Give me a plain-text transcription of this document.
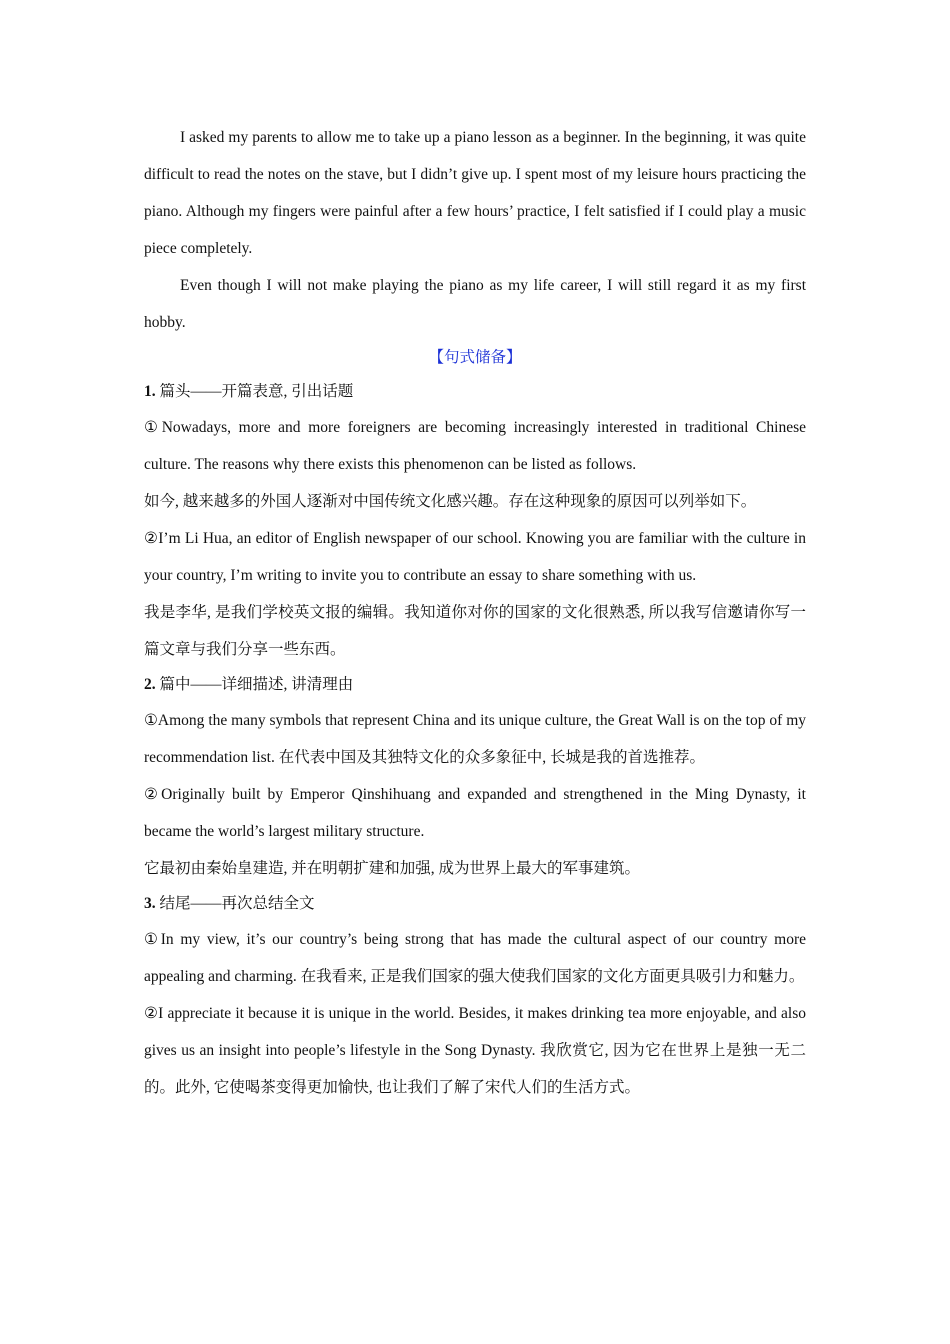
I asked my parents to allow me to take up a piano lesson as a beginner. In the beginning, it was quite difficult to read the notes on the stave, but I didn’t give up. I spent most of my leisure hours practicing the piano. Although my fingers were painful after a few hours’ practice, I felt satisfied if I could play a music piece completely.

Even though I will not make playing the piano as my life career, I will still regard it as my first hobby.

【句式储备】

1. 篇头——开篇表意, 引出话题

①Nowadays, more and more foreigners are becoming increasingly interested in traditional Chinese culture. The reasons why there exists this phenomenon can be listed as follows.

如今, 越来越多的外国人逐渐对中国传统文化感兴趣。存在这种现象的原因可以列举如下。

②I’m Li Hua, an editor of English newspaper of our school. Knowing you are familiar with the culture in your country, I’m writing to invite you to contribute an essay to share something with us.

我是李华, 是我们学校英文报的编辑。我知道你对你的国家的文化很熟悉, 所以我写信邀请你写一篇文章与我们分享一些东西。

2. 篇中——详细描述, 讲清理由

①Among the many symbols that represent China and its unique culture, the Great Wall is on the top of my recommendation list. 在代表中国及其独特文化的众多象征中, 长城是我的首选推荐。

②Originally built by Emperor Qinshihuang and expanded and strengthened in the Ming Dynasty, it became the world’s largest military structure.

它最初由秦始皇建造, 并在明朝扩建和加强, 成为世界上最大的军事建筑。

3. 结尾——再次总结全文

①In my view, it’s our country’s being strong that has made the cultural aspect of our country more appealing and charming. 在我看来, 正是我们国家的强大使我们国家的文化方面更具吸引力和魅力。

②I appreciate it because it is unique in the world. Besides, it makes drinking tea more enjoyable, and also gives us an insight into people’s lifestyle in the Song Dynasty. 我欣赏它, 因为它在世界上是独一无二的。此外, 它使喝茶变得更加愉快, 也让我们了解了宋代人们的生活方式。
